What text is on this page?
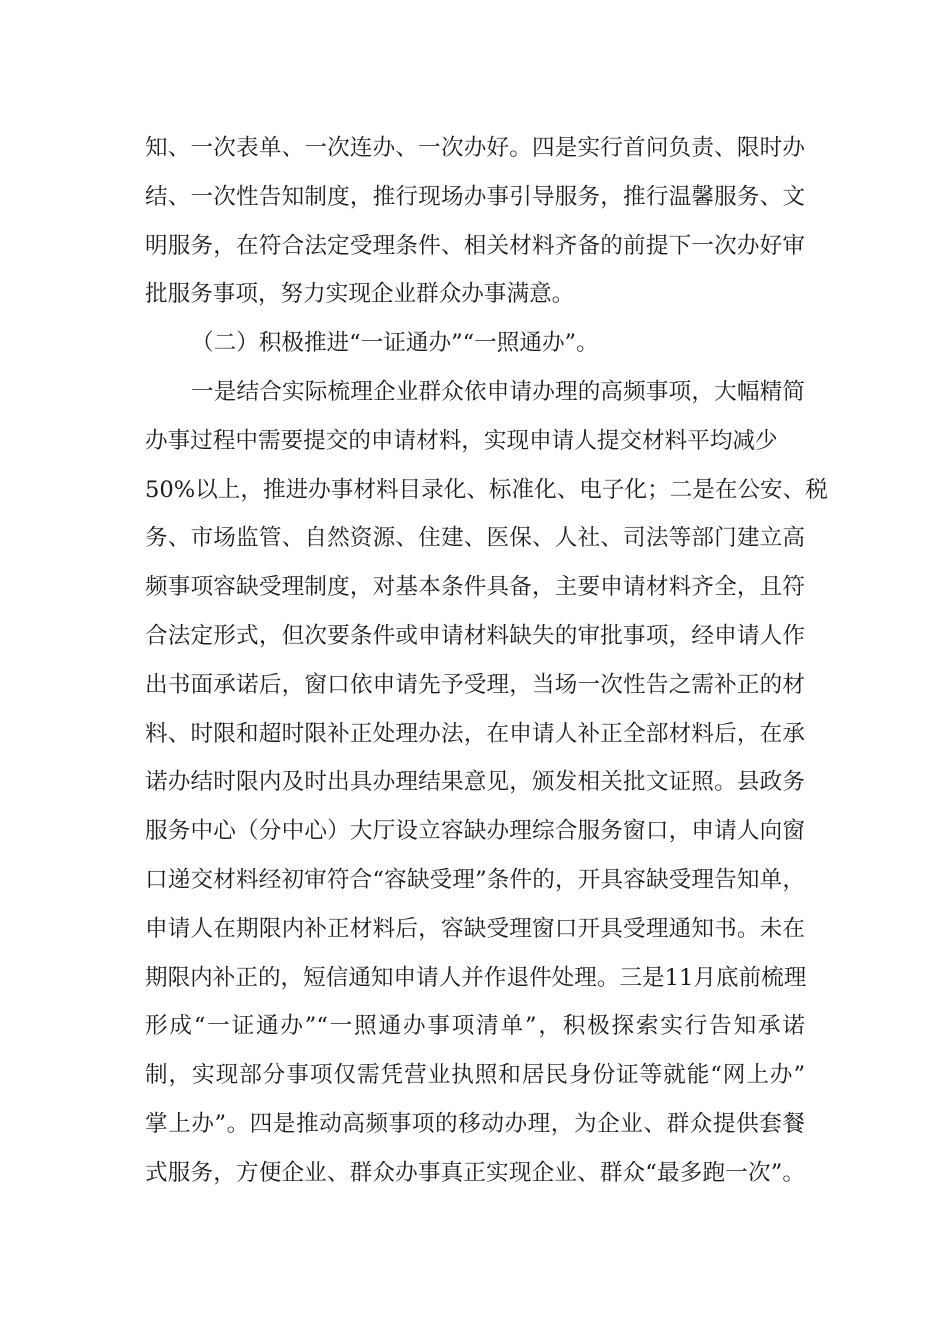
知、一次表单、一次连办、一次办好。四是实行首问负责、限时办
结、一次性告知制度，推行现场办事引导服务，推行温馨服务、文
明服务，在符合法定受理条件、相关材料齐备的前提下一次办好审
批服务事项，努力实现企业群众办事满意。
（二）积极推进“一证通办”“一照通办”。
一是结合实际梳理企业群众依申请办理的高频事项，大幅精简
办事过程中需要提交的申请材料，实现申请人提交材料平均减少
50%以上，推进办事材料目录化、标准化、电子化；二是在公安、税
务、市场监管、自然资源、住建、医保、人社、司法等部门建立高
频事项容缺受理制度，对基本条件具备，主要申请材料齐全，且符
合法定形式，但次要条件或申请材料缺失的审批事项，经申请人作
出书面承诺后，窗口依申请先予受理，当场一次性告之需补正的材
料、时限和超时限补正处理办法，在申请人补正全部材料后，在承
诺办结时限内及时出具办理结果意见，颁发相关批文证照。县政务
服务中心（分中心）大厅设立容缺办理综合服务窗口，申请人向窗
口递交材料经初审符合“容缺受理”条件的，开具容缺受理告知单，
申请人在期限内补正材料后，容缺受理窗口开具受理通知书。未在
期限内补正的，短信通知申请人并作退件处理。三是11月底前梳理
形成“一证通办”“一照通办事项清单”，积极探索实行告知承诺
制，实现部分事项仅需凭营业执照和居民身份证等就能“网上办”
掌上办”。四是推动高频事项的移动办理，为企业、群众提供套餐
式服务，方便企业、群众办事真正实现企业、群众“最多跑一次”。
